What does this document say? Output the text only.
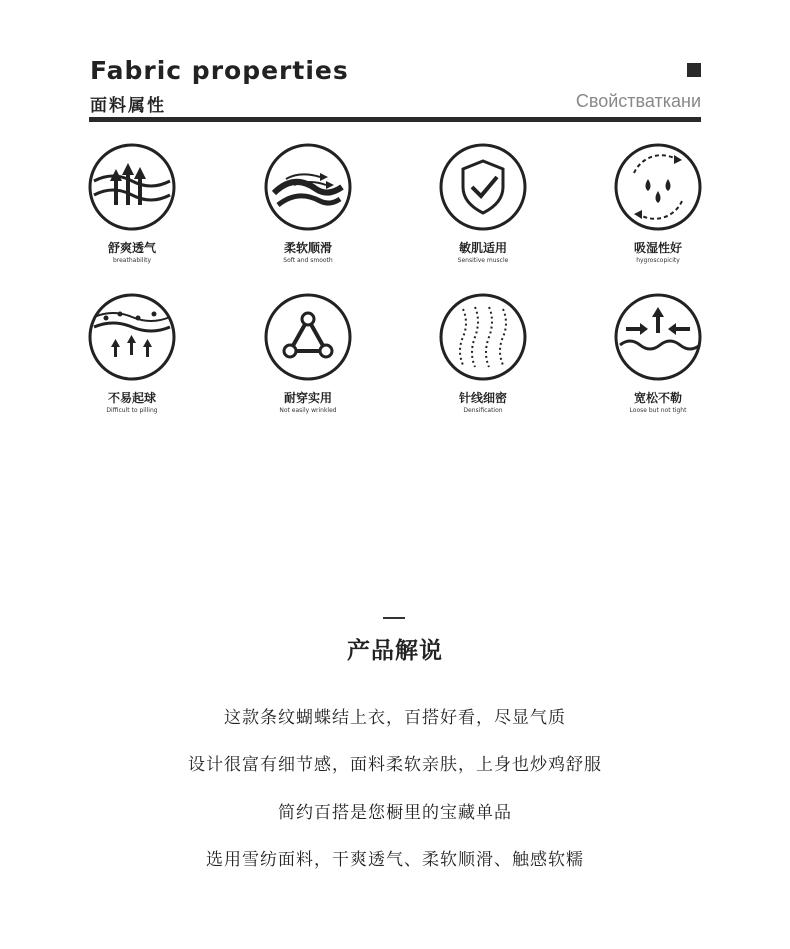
Fabric properties
面料属性	Свойстваткани
舒爽透气
breathability
柔软顺滑
Soft and smooth
敏肌适用
Sensitive muscle
吸湿性好
hygroscopicity
不易起球
Difficult to pilling
耐穿实用
Not easily wrinkled
针线细密
Densification
宽松不勒
Loose but not tight
产品解说
这款条纹蝴蝶结上衣，百搭好看，尽显气质
设计很富有细节感，面料柔软亲肤，上身也炒鸡舒服
简约百搭是您橱里的宝藏单品
选用雪纺面料，干爽透气、柔软顺滑、触感软糯
